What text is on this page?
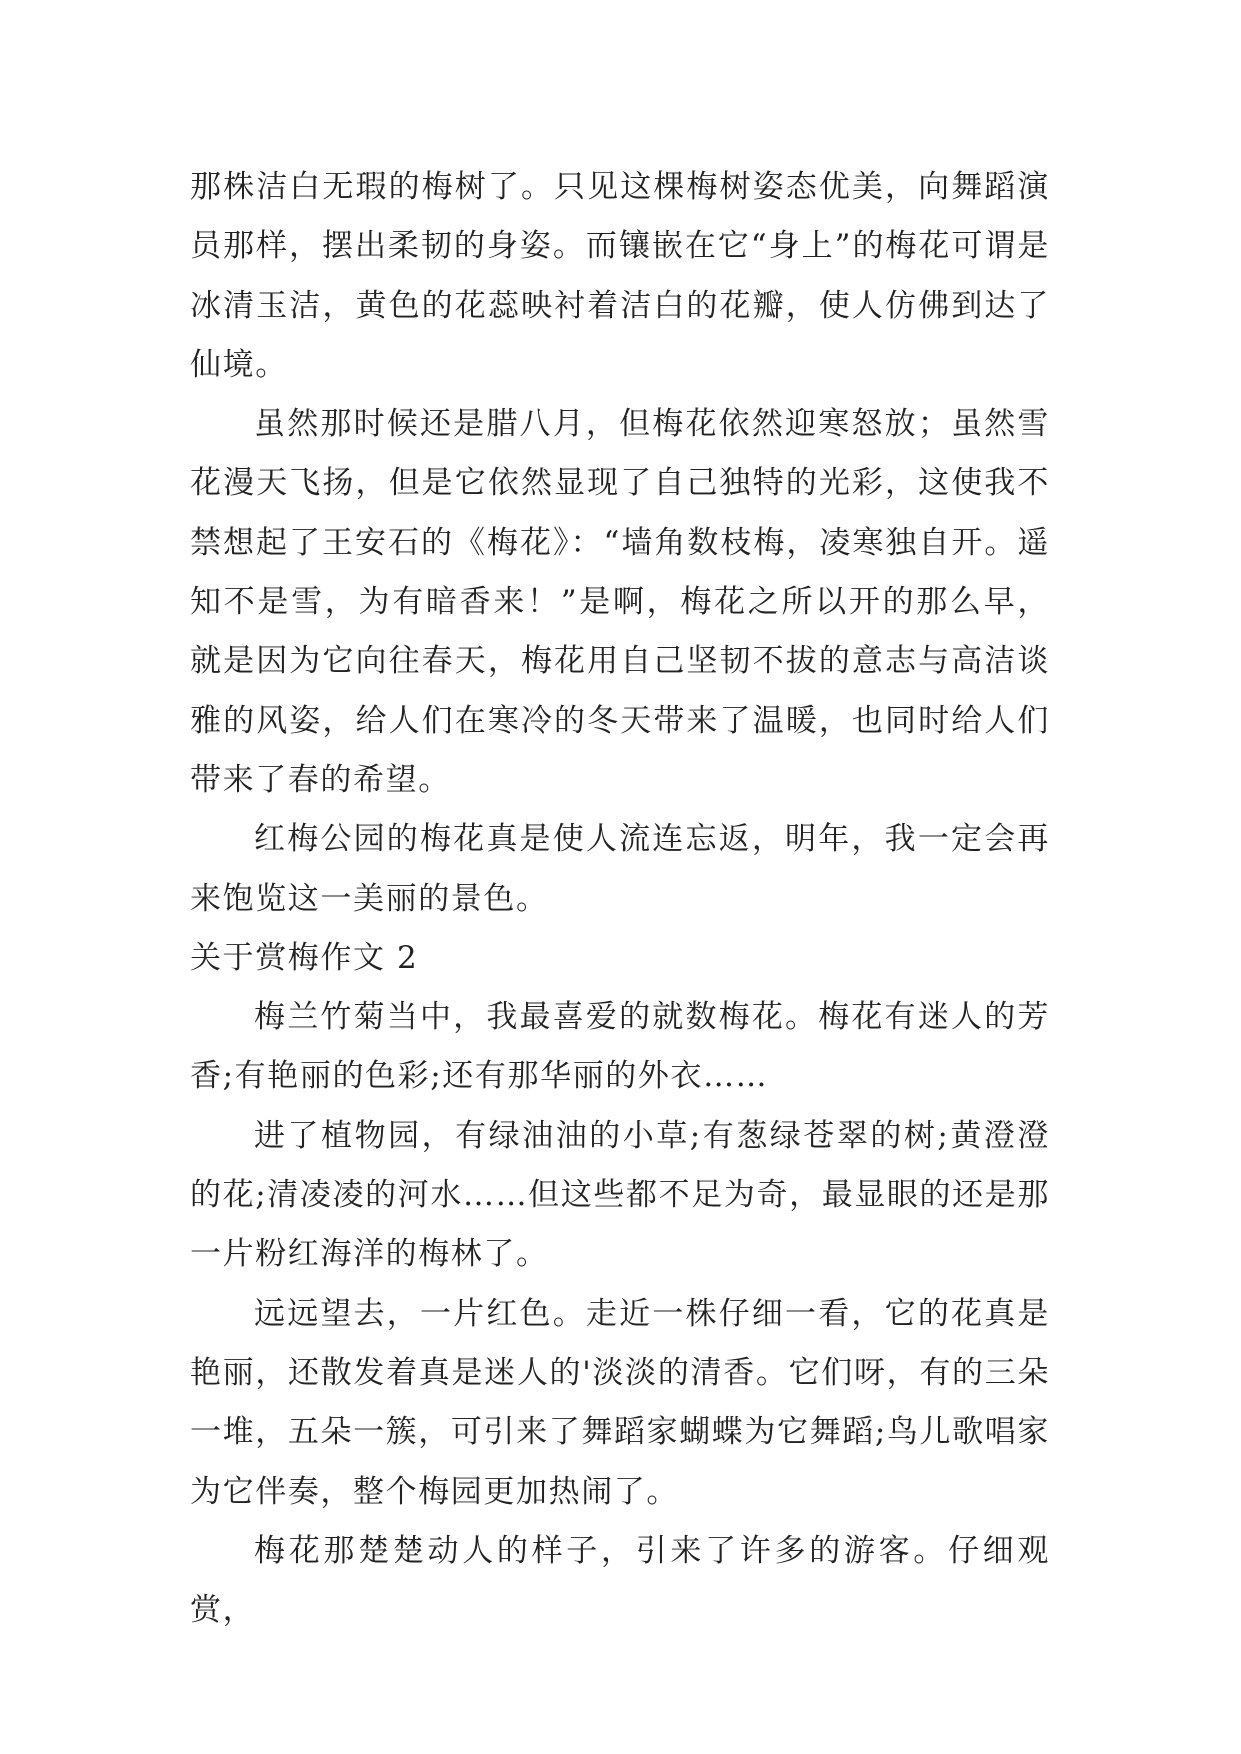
那株洁白无瑕的梅树了。只见这棵梅树姿态优美，向舞蹈演员那样，摆出柔韧的身姿。而镶嵌在它“身上”的梅花可谓是冰清玉洁，黄色的花蕊映衬着洁白的花瓣，使人仿佛到达了仙境。

虽然那时候还是腊八月，但梅花依然迎寒怒放；虽然雪花漫天飞扬，但是它依然显现了自己独特的光彩，这使我不禁想起了王安石的《梅花》：“墙角数枝梅，凌寒独自开。遥知不是雪，为有暗香来！”是啊，梅花之所以开的那么早，就是因为它向往春天，梅花用自己坚韧不拔的意志与高洁谈雅的风姿，给人们在寒冷的冬天带来了温暖，也同时给人们带来了春的希望。

红梅公园的梅花真是使人流连忘返，明年，我一定会再来饱览这一美丽的景色。

关于赏梅作文 2

梅兰竹菊当中，我最喜爱的就数梅花。梅花有迷人的芳香;有艳丽的色彩;还有那华丽的外衣……

进了植物园，有绿油油的小草;有葱绿苍翠的树;黄澄澄的花;清凌凌的河水……但这些都不足为奇，最显眼的还是那一片粉红海洋的梅林了。

远远望去，一片红色。走近一株仔细一看，它的花真是艳丽，还散发着真是迷人的'淡淡的清香。它们呀，有的三朵一堆，五朵一簇，可引来了舞蹈家蝴蝶为它舞蹈;鸟儿歌唱家为它伴奏，整个梅园更加热闹了。

梅花那楚楚动人的样子，引来了许多的游客。仔细观赏，
